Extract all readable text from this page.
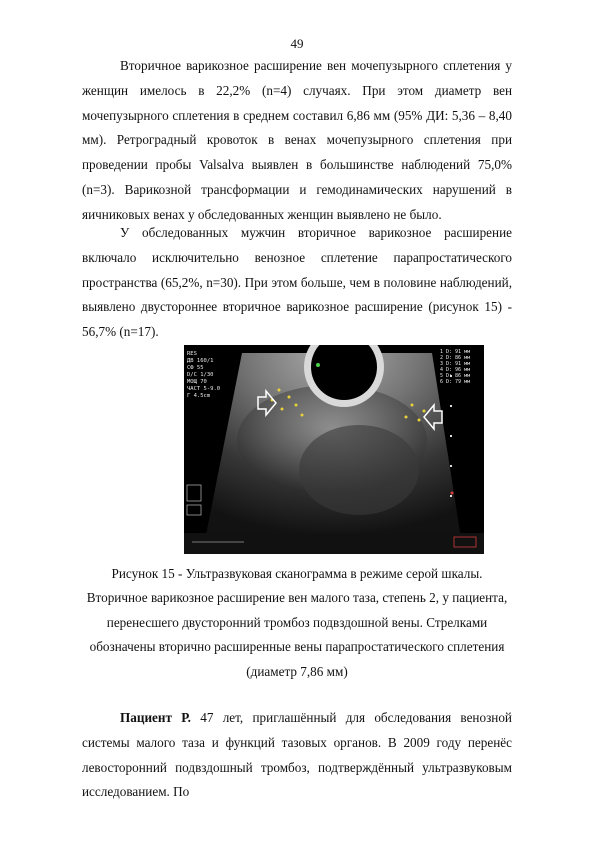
49

Вторичное варикозное расширение вен мочепузырного сплетения у женщин имелось в 22,2% (n=4) случаях. При этом диаметр вен мочепузырного сплетения в среднем составил 6,86 мм (95% ДИ: 5,36 – 8,40 мм). Ретроградный кровоток в венах мочепузырного сплетения при проведении пробы Valsalva выявлен в большинстве наблюдений 75,0% (n=3). Варикозной трансформации и гемодинамических нарушений в яичниковых венах у обследованных женщин выявлено не было.

У обследованных мужчин вторичное варикозное расширение включало исключительно венозное сплетение парапростатического пространства (65,2%, n=30). При этом больше, чем в половине наблюдений, выявлено двустороннее вторичное варикозное расширение (рисунок 15) - 56,7% (n=17).

RES
ДВ 160/1
СФ 55
D/C 1/30
МОЩ 70
ЧАСТ 5-9.0
Г 4.5cm
1 D: 91 мм
2 D: 86 мм
3 D: 91 мм
4 D: 96 мм
5 D: 86 мм
6 D: 79 мм
Рисунок 15 - Ультразвуковая сканограмма в режиме серой шкалы.
Вторичное варикозное расширение вен малого таза, степень 2, у пациента, перенесшего двусторонний тромбоз подвздошной вены. Стрелками обозначены вторично расширенные вены парапростатического сплетения (диаметр 7,86 мм)

Пациент Р. 47 лет, приглашённый для обследования венозной системы малого таза и функций тазовых органов. В 2009 году перенёс левосторонний подвздошный тромбоз, подтверждённый ультразвуковым исследованием. По
